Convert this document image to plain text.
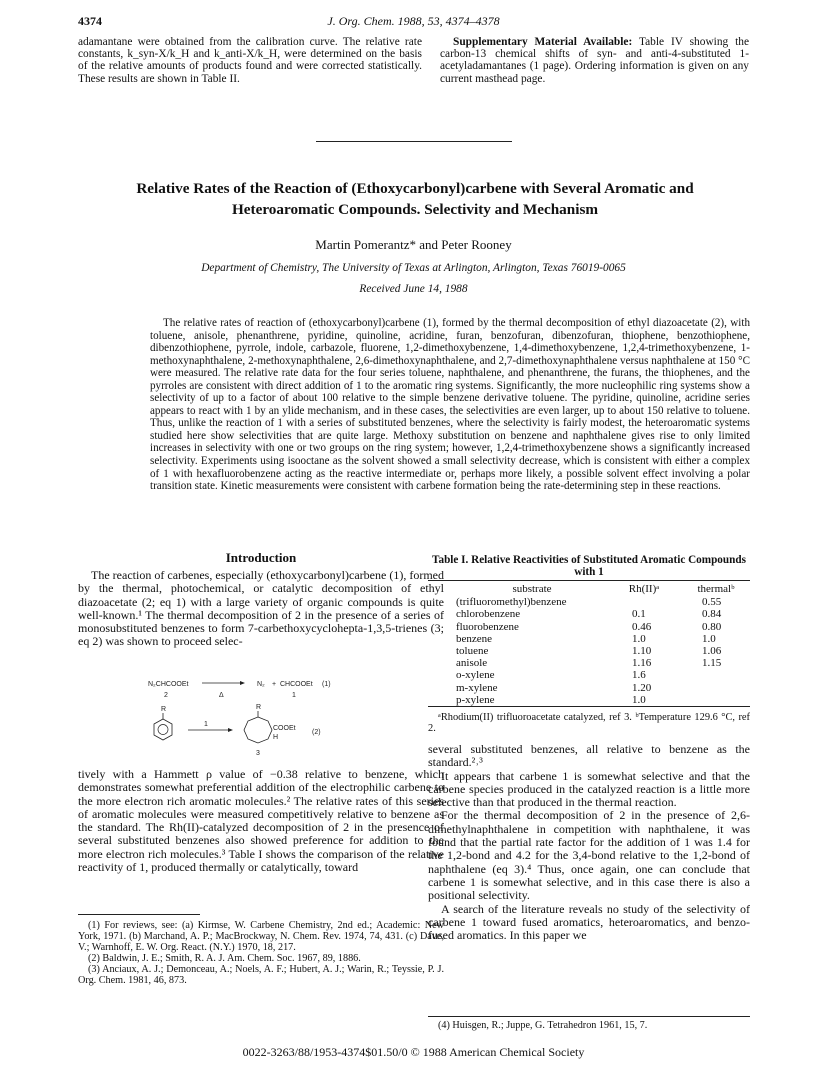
J. Org. Chem. 1988, 53, 4374–4378
4374

adamantane were obtained from the calibration curve. The relative rate constants, k_syn-X/k_H and k_anti-X/k_H, were determined on the basis of the relative amounts of products found and were corrected statistically. These results are shown in Table II.

Supplementary Material Available: Table IV showing the carbon-13 chemical shifts of syn- and anti-4-substituted 1-acetyladamantanes (1 page). Ordering information is given on any current masthead page.

Relative Rates of the Reaction of (Ethoxycarbonyl)carbene with Several Aromatic and Heteroaromatic Compounds. Selectivity and Mechanism
Martin Pomerantz* and Peter Rooney
Department of Chemistry, The University of Texas at Arlington, Arlington, Texas 76019-0065
Received June 14, 1988

The relative rates of reaction of (ethoxycarbonyl)carbene (1), formed by the thermal decomposition of ethyl diazoacetate (2), with toluene, anisole, phenanthrene, pyridine, quinoline, acridine, furan, benzofuran, dibenzofuran, thiophene, benzothiophene, dibenzothiophene, pyrrole, indole, carbazole, fluorene, 1,2-dimethoxybenzene, 1,4-dimethoxybenzene, 1,2,4-trimethoxybenzene, 1-methoxynaphthalene, 2-methoxynaphthalene, 2,6-dimethoxynaphthalene, and 2,7-dimethoxynaphthalene versus naphthalene at 150 °C were measured. The relative rate data for the four series toluene, naphthalene, and phenanthrene, the furans, the thiophenes, and the pyrroles are consistent with direct addition of 1 to the aromatic ring systems. Significantly, the more nucleophilic ring systems show a selectivity of up to a factor of about 100 relative to the simple benzene derivative toluene. The pyridine, quinoline, acridine series appears to react with 1 by an ylide mechanism, and in these cases, the selectivities are even larger, up to about 150 relative to toluene. Thus, unlike the reaction of 1 with a series of substituted benzenes, where the selectivity is fairly modest, the heteroaromatic systems studied here show selectivities that are quite large. Methoxy substitution on benzene and naphthalene gives rise to only limited increases in selectivity with one or two groups on the ring system; however, 1,2,4-trimethoxybenzene shows a significantly increased selectivity. Experiments using isooctane as the solvent showed a small selectivity decrease, which is consistent with either a complex of 1 with hexafluorobenzene acting as the reactive intermediate or, perhaps more likely, a possible solvent effect involving a polar transition state. Kinetic measurements were consistent with carbene formation being the rate-determining step in these reactions.

Introduction

The reaction of carbenes, especially (ethoxycarbonyl)carbene (1), formed by the thermal, photochemical, or catalytic decomposition of ethyl diazoacetate (2; eq 1) with a large variety of organic compounds is quite well-known.¹ The thermal decomposition of 2 in the presence of a series of monosubstituted benzenes to form 7-carbethoxycyclohepta-1,3,5-trienes (3; eq 2) was shown to proceed selec-

N₂CHCOOEt
2	Δ
N₂ + CHCOOEt
1
(1)
R
1
R
COOEt
H
3
(2)

tively with a Hammett ρ value of −0.38 relative to benzene, which demonstrates somewhat preferential addition of the electrophilic carbene to the more electron rich aromatic molecules.² The relative rates of this series of aromatic molecules were measured competitively relative to benzene as the standard. The Rh(II)-catalyzed decomposition of 2 in the presence of several substituted benzenes also showed preference for addition to the more electron rich molecules.³ Table I shows the comparison of the relative reactivity of 1, produced thermally or catalytically, toward

(1) For reviews, see: (a) Kirmse, W. Carbene Chemistry, 2nd ed.; Academic: New York, 1971. (b) Marchand, A. P.; MacBrockway, N. Chem. Rev. 1974, 74, 431. (c) Dave, V.; Warnhoff, E. W. Org. React. (N.Y.) 1970, 18, 217.

(2) Baldwin, J. E.; Smith, R. A. J. Am. Chem. Soc. 1967, 89, 1886.

(3) Anciaux, A. J.; Demonceau, A.; Noels, A. F.; Hubert, A. J.; Warin, R.; Teyssie, P. J. Org. Chem. 1981, 46, 873.

Table I. Relative Reactivities of Substituted Aromatic Compounds with 1
substrate	Rh(II)ᵃ	thermalᵇ
(trifluoromethyl)benzene		0.55
chlorobenzene	0.1	0.84
fluorobenzene	0.46	0.80
benzene	1.0	1.0
toluene	1.10	1.06
anisole	1.16	1.15
o-xylene	1.6	
m-xylene	1.20	
p-xylene	1.0	

ᵃRhodium(II) trifluoroacetate catalyzed, ref 3. ᵇTemperature 129.6 °C, ref 2.

several substituted benzenes, all relative to benzene as the standard.²˒³

It appears that carbene 1 is somewhat selective and that the carbene species produced in the catalyzed reaction is a little more selective than that produced in the thermal reaction.

For the thermal decomposition of 2 in the presence of 2,6-dimethylnaphthalene in competition with naphthalene, it was found that the partial rate factor for the addition of 1 was 1.4 for the 1,2-bond and 4.2 for the 3,4-bond relative to the 1,2-bond of naphthalene (eq 3).⁴ Thus, once again, one can conclude that carbene 1 is somewhat selective, and in this case there is also a positional selectivity.

A search of the literature reveals no study of the selectivity of carbene 1 toward fused aromatics, heteroaromatics, and benzo-fused aromatics. In this paper we

(4) Huisgen, R.; Juppe, G. Tetrahedron 1961, 15, 7.

0022-3263/88/1953-4374$01.50/0 © 1988 American Chemical Society
